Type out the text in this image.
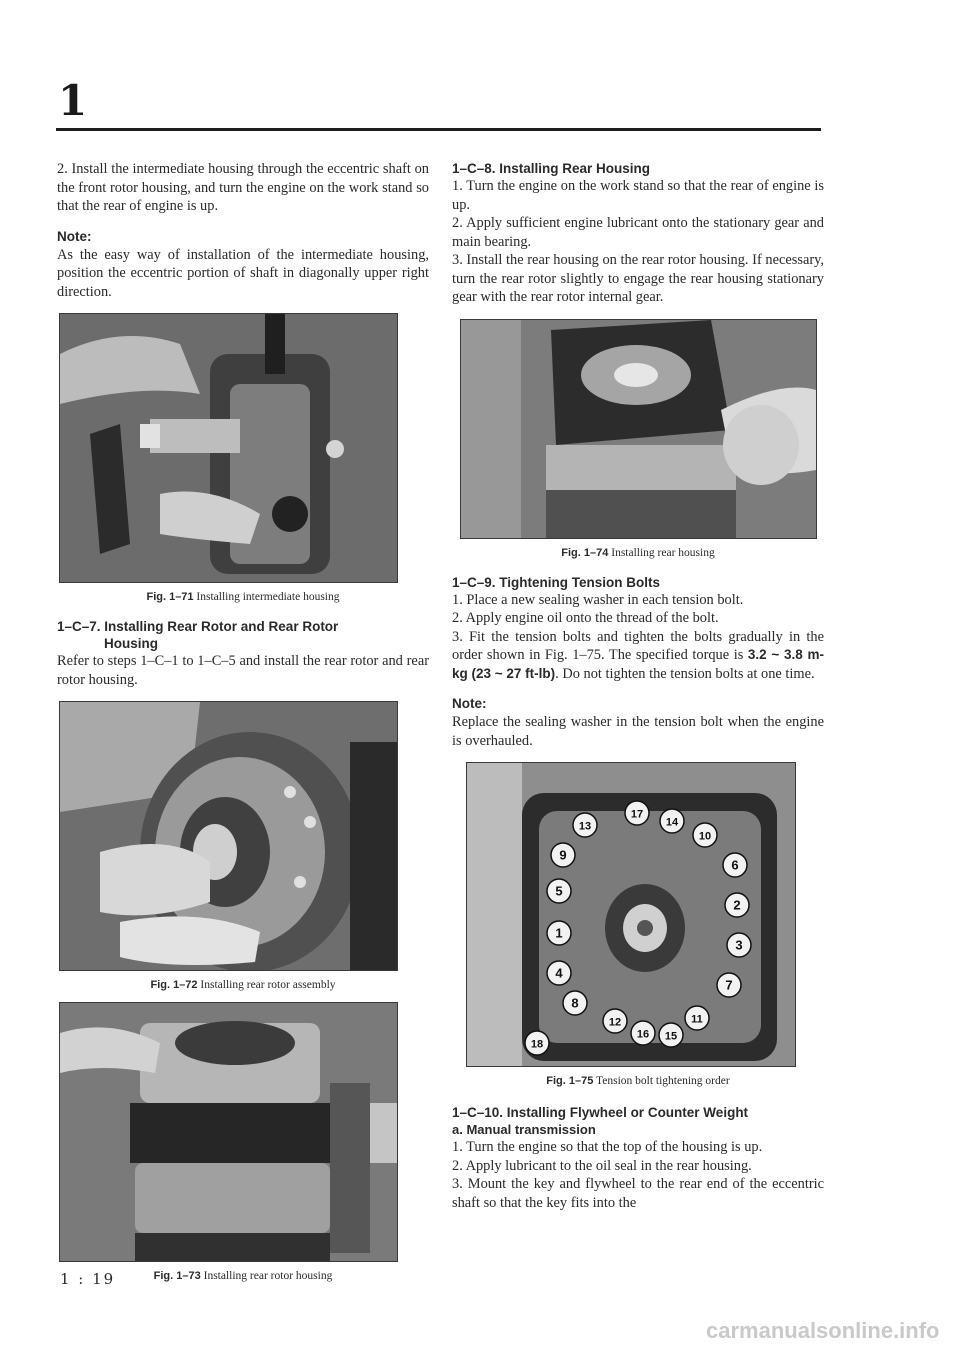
1

2. Install the intermediate housing through the eccentric shaft on the front rotor housing, and turn the engine on the work stand so that the rear of engine is up.

Note:

As the easy way of installation of the intermediate housing, position the eccentric portion of shaft in diagonally upper right direction.

Fig. 1–71 Installing intermediate housing
1–C–7. Installing Rear Rotor and Rear Rotor
Housing

Refer to steps 1–C–1 to 1–C–5 and install the rear rotor and rear rotor housing.

Fig. 1–72 Installing rear rotor assembly
Fig. 1–73 Installing rear rotor housing
1–C–8. Installing Rear Housing

1. Turn the engine on the work stand so that the rear of engine is up.

2. Apply sufficient engine lubricant onto the stationary gear and main bearing.

3. Install the rear housing on the rear rotor housing. If necessary, turn the rear rotor slightly to engage the rear housing stationary gear with the rear rotor internal gear.

Fig. 1–74 Installing rear housing
1–C–9. Tightening Tension Bolts

1. Place a new sealing washer in each tension bolt.

2. Apply engine oil onto the thread of the bolt.

3. Fit the tension bolts and tighten the bolts gradually in the order shown in Fig. 1–75. The specified torque is 3.2 ~ 3.8 m-kg (23 ~ 27 ft-lb). Do not tighten the tension bolts at one time.

Note:

Replace the sealing washer in the tension bolt when the engine is overhauled.

1
2
3
4
5
6
7
8
9
10
11
12
13	14
15
16
17
18
Fig. 1–75 Tension bolt tightening order
1–C–10. Installing Flywheel or Counter Weight
a. Manual transmission

1. Turn the engine so that the top of the housing is up.

2. Apply lubricant to the oil seal in the rear housing.

3. Mount the key and flywheel to the rear end of the eccentric shaft so that the key fits into the

1 : 19
carmanualsonline.info
